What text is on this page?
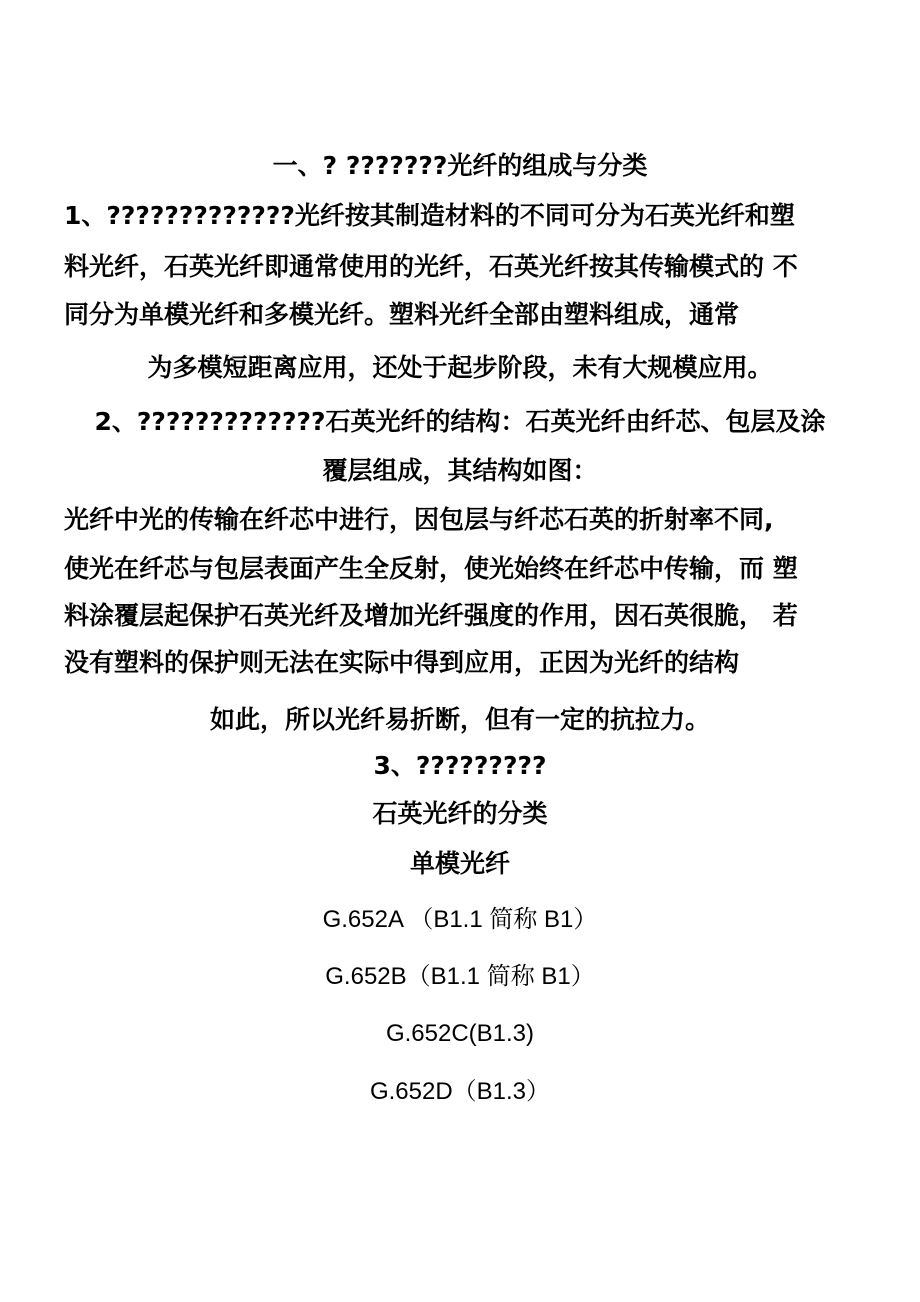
一、? ???????光纤的组成与分类
1、?????????????光纤按其制造材料的不同可分为石英光纤和塑
料光纤，石英光纤即通常使用的光纤，石英光纤按其传输模式的 不
同分为单模光纤和多模光纤。塑料光纤全部由塑料组成，通常
为多模短距离应用，还处于起步阶段，未有大规模应用。
2、?????????????石英光纤的结构：石英光纤由纤芯、包层及涂
覆层组成，其结构如图：
光纤中光的传输在纤芯中进行，因包层与纤芯石英的折射率不同,
使光在纤芯与包层表面产生全反射，使光始终在纤芯中传输，而 塑
料涂覆层起保护石英光纤及增加光纤强度的作用，因石英很脆， 若
没有塑料的保护则无法在实际中得到应用，正因为光纤的结构
如此，所以光纤易折断，但有一定的抗拉力。
3、?????????
石英光纤的分类
单模光纤
G.652A （B1.1 简称 B1）
G.652B（B1.1 简称 B1）
G.652C(B1.3)
G.652D（B1.3）
